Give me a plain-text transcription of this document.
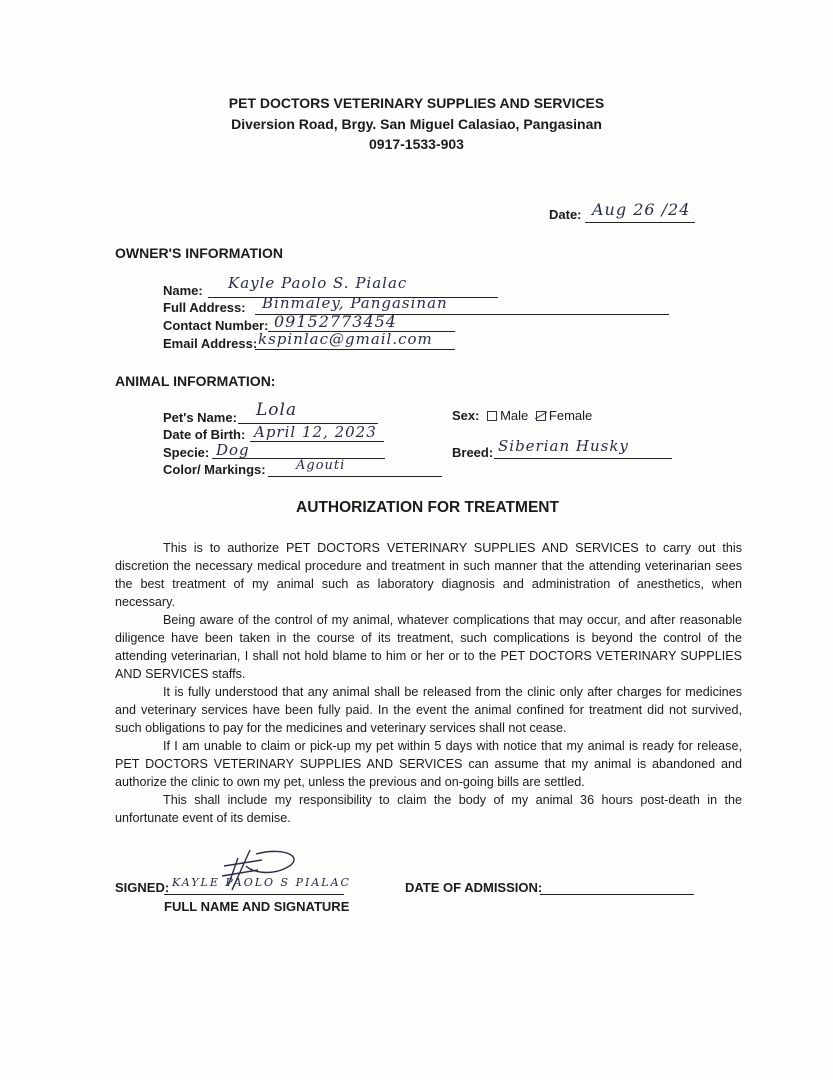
PET DOCTORS VETERINARY SUPPLIES AND SERVICES
Diversion Road, Brgy. San Miguel Calasiao, Pangasinan
0917-1533-903
Date: Aug 26 /24
OWNER'S INFORMATION
Name: Kayle Paolo S. Pialac
Full Address: Binmaley, Pangasinan
Contact Number: 09152773454
Email Address: kspinlac@gmail.com
ANIMAL INFORMATION:
Pet's Name: Lola
Date of Birth: April 12, 2023
Specie: Dog
Color/ Markings: Agouti
Sex: Male Female
Breed: Siberian Husky
AUTHORIZATION FOR TREATMENT

This is to authorize PET DOCTORS VETERINARY SUPPLIES AND SERVICES to carry out this discretion the necessary medical procedure and treatment in such manner that the attending veterinarian sees the best treatment of my animal such as laboratory diagnosis and administration of anesthetics, when necessary.

Being aware of the control of my animal, whatever complications that may occur, and after reasonable diligence have been taken in the course of its treatment, such complications is beyond the control of the attending veterinarian, I shall not hold blame to him or her or to the PET DOCTORS VETERINARY SUPPLIES AND SERVICES staffs.

It is fully understood that any animal shall be released from the clinic only after charges for medicines and veterinary services have been fully paid. In the event the animal confined for treatment did not survived, such obligations to pay for the medicines and veterinary services shall not cease.

If I am unable to claim or pick-up my pet within 5 days with notice that my animal is ready for release, PET DOCTORS VETERINARY SUPPLIES AND SERVICES can assume that my animal is abandoned and authorize the clinic to own my pet, unless the previous and on-going bills are settled.

This shall include my responsibility to claim the body of my animal 36 hours post-death in the unfortunate event of its demise.

SIGNED: KAYLE PAOLO S PIALAC
FULL NAME AND SIGNATURE
DATE OF ADMISSION:
